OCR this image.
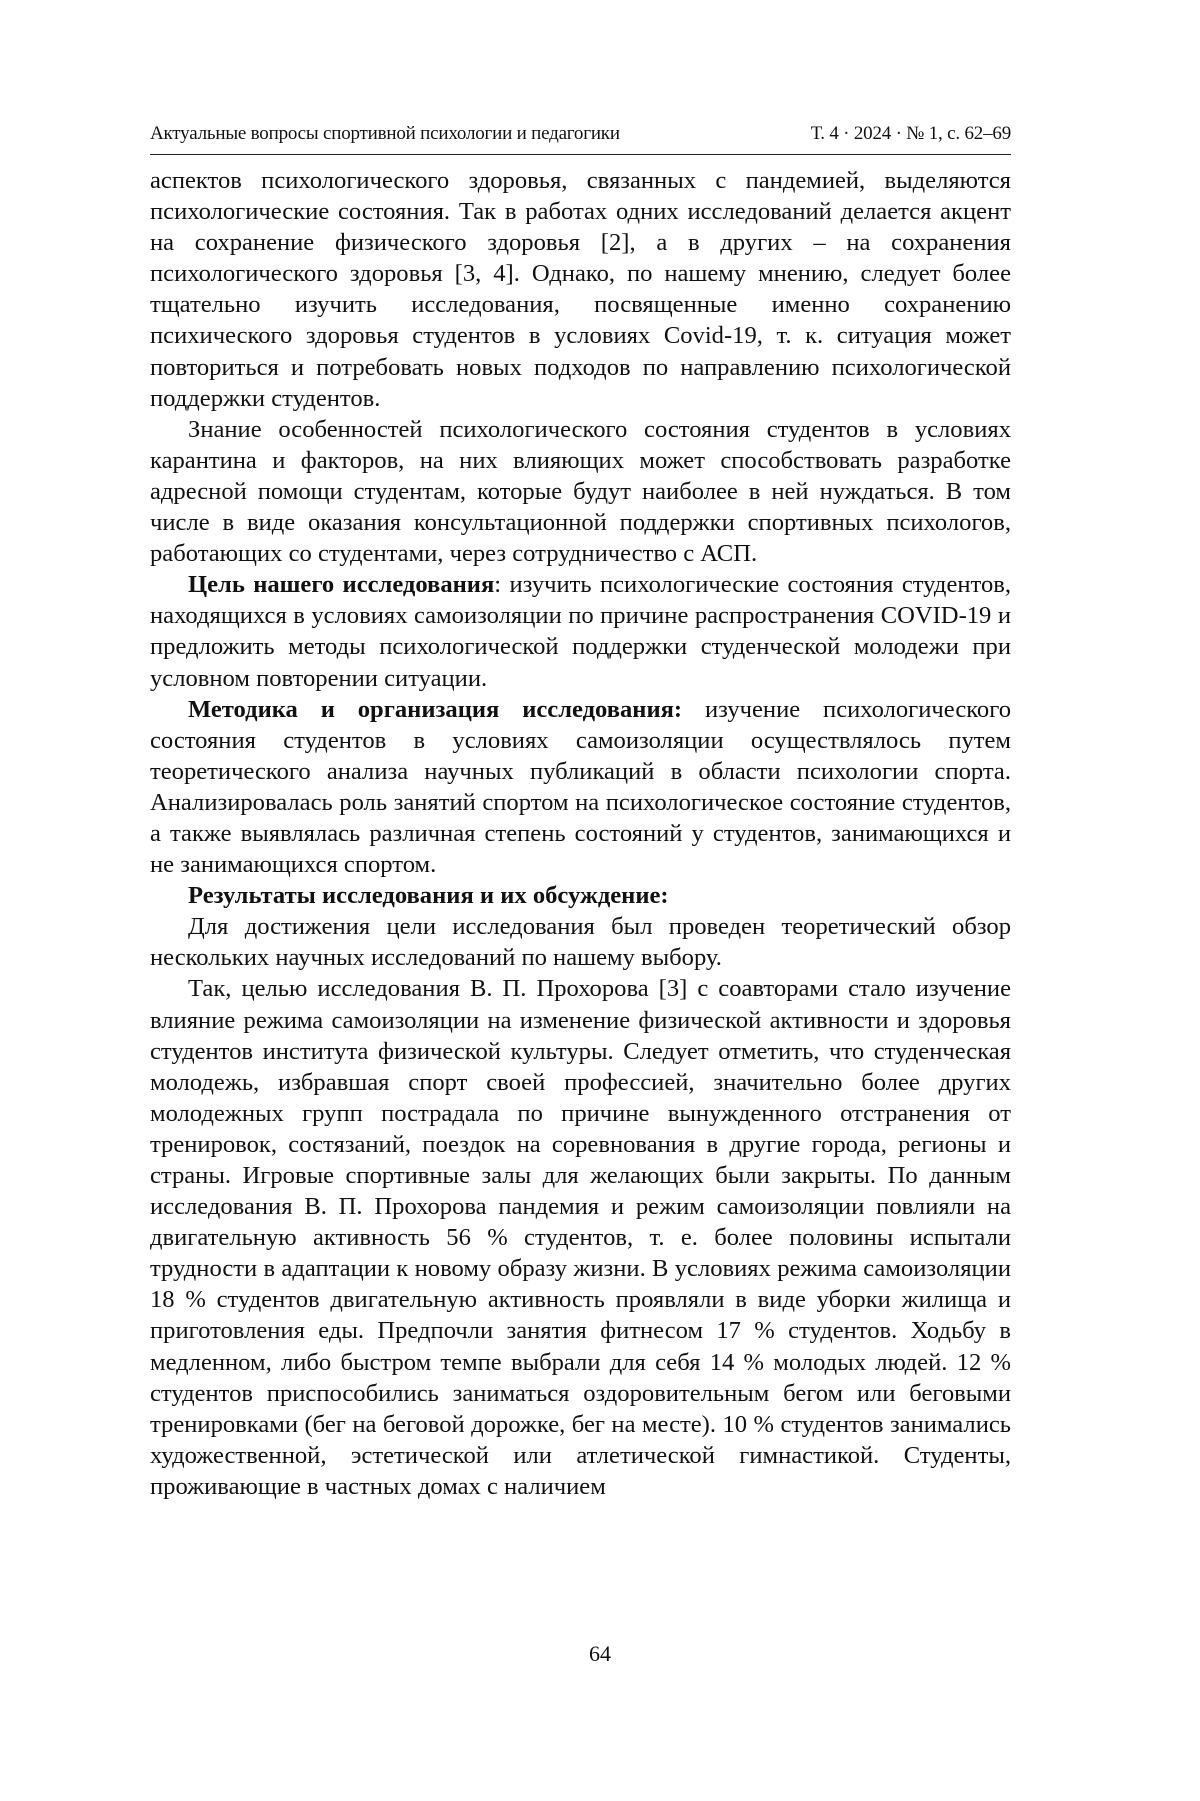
Актуальные вопросы спортивной психологии и педагогики	Т. 4 · 2024 · № 1, с. 62–69

аспектов психологического здоровья, связанных с пандемией, выделяются психологические состояния. Так в работах одних исследований делается акцент на сохранение физического здоровья [2], а в других – на сохранения психологического здоровья [3, 4]. Однако, по нашему мнению, следует более тщательно изучить исследования, посвященные именно сохранению психического здоровья студентов в условиях Covid-19, т. к. ситуация может повториться и потребовать новых подходов по направлению психологической поддержки студентов.

Знание особенностей психологического состояния студентов в условиях карантина и факторов, на них влияющих может способствовать разработке адресной помощи студентам, которые будут наиболее в ней нуждаться. В том числе в виде оказания консультационной поддержки спортивных психологов, работающих со студентами, через сотрудничество с АСП.

Цель нашего исследования: изучить психологические состояния студентов, находящихся в условиях самоизоляции по причине распространения COVID-19 и предложить методы психологической поддержки студенческой молодежи при условном повторении ситуации.

Методика и организация исследования: изучение психологического состояния студентов в условиях самоизоляции осуществлялось путем теоретического анализа научных публикаций в области психологии спорта. Анализировалась роль занятий спортом на психологическое состояние студентов, а также выявлялась различная степень состояний у студентов, занимающихся и не занимающихся спортом.

Результаты исследования и их обсуждение:

Для достижения цели исследования был проведен теоретический обзор нескольких научных исследований по нашему выбору.

Так, целью исследования В. П. Прохорова [3] с соавторами стало изучение влияние режима самоизоляции на изменение физической активности и здоровья студентов института физической культуры. Следует отметить, что студенческая молодежь, избравшая спорт своей профессией, значительно более других молодежных групп пострадала по причине вынужденного отстранения от тренировок, состязаний, поездок на соревнования в другие города, регионы и страны. Игровые спортивные залы для желающих были закрыты. По данным исследования В. П. Прохорова пандемия и режим самоизоляции повлияли на двигательную активность 56 % студентов, т. е. более половины испытали трудности в адаптации к новому образу жизни. В условиях режима самоизоляции 18 % студентов двигательную активность проявляли в виде уборки жилища и приготовления еды. Предпочли занятия фитнесом 17 % студентов. Ходьбу в медленном, либо быстром темпе выбрали для себя 14 % молодых людей. 12 % студентов приспособились заниматься оздоровительным бегом или беговыми тренировками (бег на беговой дорожке, бег на месте). 10 % студентов занимались художественной, эстетической или атлетической гимнастикой. Студенты, проживающие в частных домах с наличием

64
